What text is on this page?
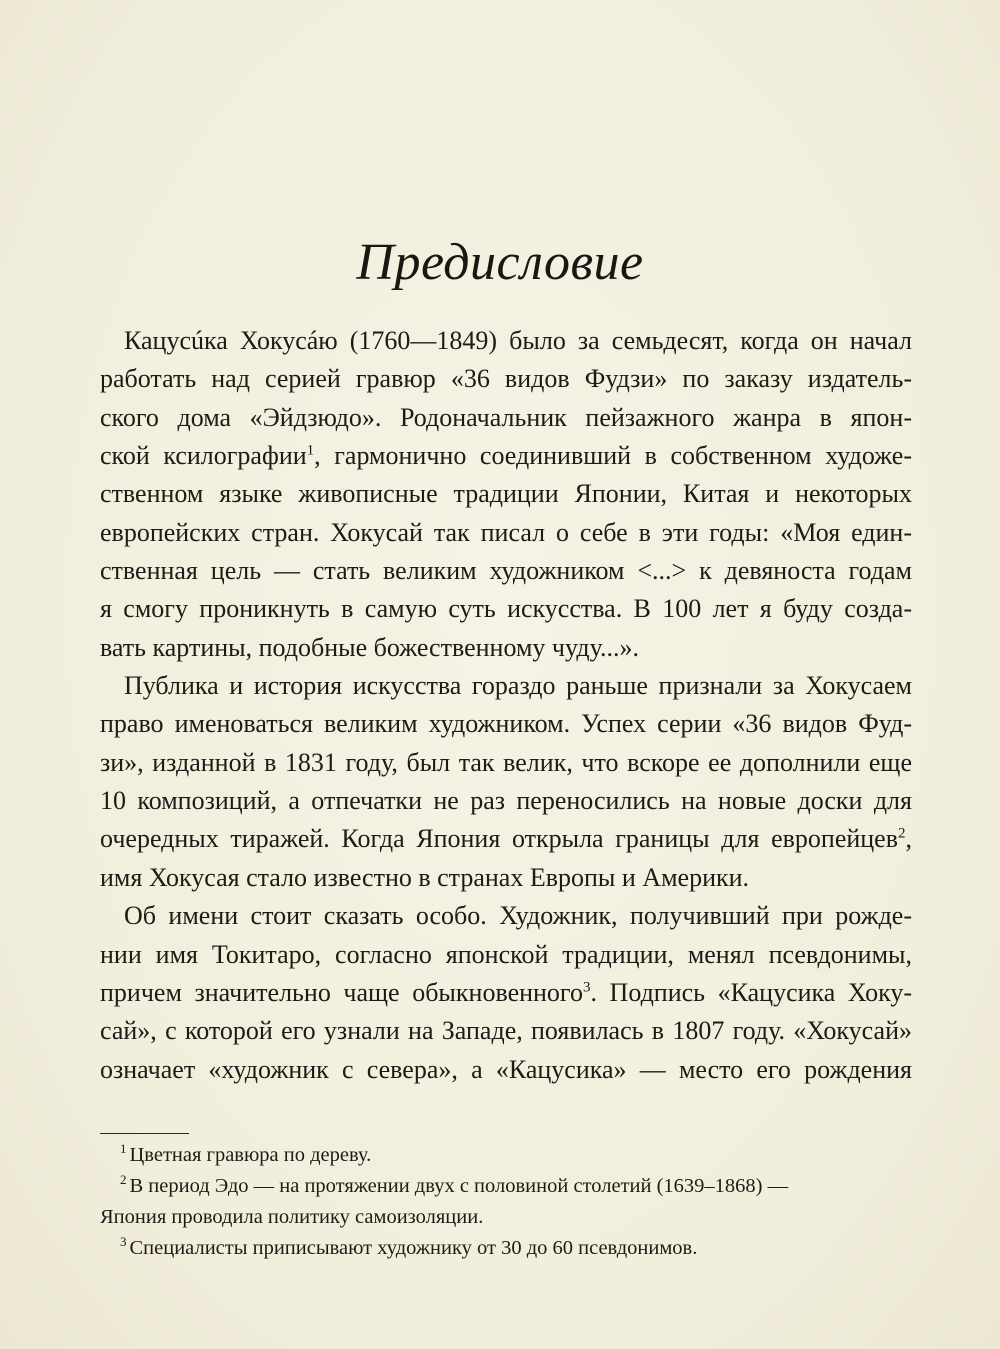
Предисловие
Кацусúка Хокусáю (1760—1849) было за семьдесят, когда он начал
работать над серией гравюр «36 видов Фудзи» по заказу издатель-
ского дома «Эйдзюдо». Родоначальник пейзажного жанра в япон-
ской ксилографии$^1$, гармонично соединивший в собственном художе-
ственном языке живописные традиции Японии, Китая и некоторых
европейских стран. Хокусай так писал о себе в эти годы: «Моя един-
ственная цель — стать великим художником <...> к девяноста годам
я смогу проникнуть в самую суть искусства. В 100 лет я буду созда-
вать картины, подобные божественному чуду...».
Публика и история искусства гораздо раньше признали за Хокусаем
право именоваться великим художником. Успех серии «36 видов Фуд-
зи», изданной в 1831 году, был так велик, что вскоре ее дополнили еще
10 композиций, а отпечатки не раз переносились на новые доски для
очередных тиражей. Когда Япония открыла границы для европейцев$^2$,
имя Хокусая стало известно в странах Европы и Америки.
Об имени стоит сказать особо. Художник, получивший при рожде-
нии имя Токитаро, согласно японской традиции, менял псевдонимы,
причем значительно чаще обыкновенного$^3$. Подпись «Кацусика Хоку-
сай», с которой его узнали на Западе, появилась в 1807 году. «Хокусай»
означает «художник с севера», а «Кацусика» — место его рождения
$^1$ Цветная гравюра по дереву.
$^2$ В период Эдо — на протяжении двух с половиной столетий (1639–1868) —
Япония проводила политику самоизоляции.
$^3$ Специалисты приписывают художнику от 30 до 60 псевдонимов.
